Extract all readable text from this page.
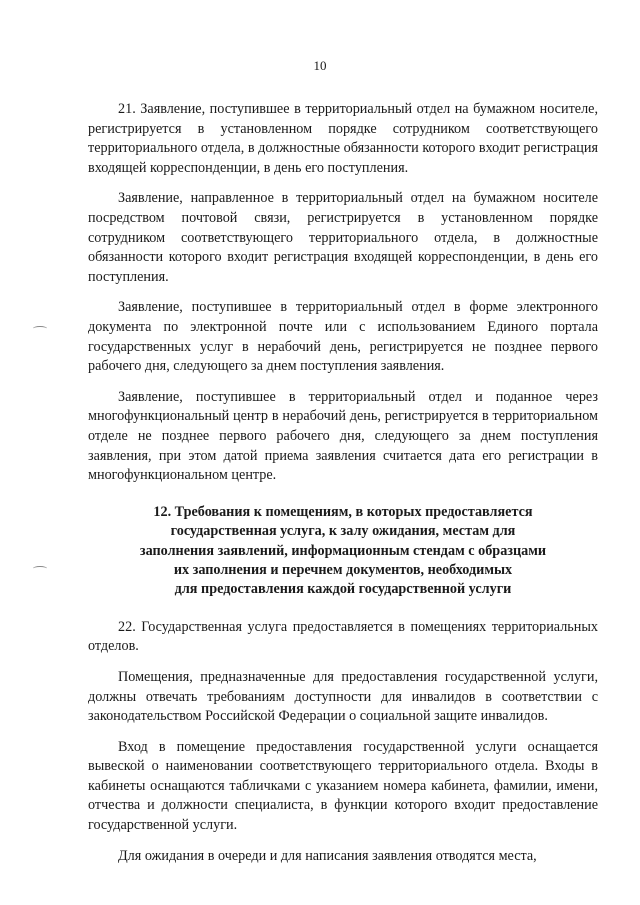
10

21. Заявление, поступившее в территориальный отдел на бумажном носителе, регистрируется в установленном порядке сотрудником соответствующего территориального отдела, в должностные обязанности которого входит регистрация входящей корреспонденции, в день его поступления.

Заявление, направленное в территориальный отдел на бумажном носителе посредством почтовой связи, регистрируется в установленном порядке сотрудником соответствующего территориального отдела, в должностные обязанности которого входит регистрация входящей корреспонденции, в день его поступления.

Заявление, поступившее в территориальный отдел в форме электронного документа по электронной почте или с использованием Единого портала государственных услуг в нерабочий день, регистрируется не позднее первого рабочего дня, следующего за днем поступления заявления.

Заявление, поступившее в территориальный отдел и поданное через многофункциональный центр в нерабочий день, регистрируется в территориальном отделе не позднее первого рабочего дня, следующего за днем поступления заявления, при этом датой приема заявления считается дата его регистрации в многофункциональном центре.

12. Требования к помещениям, в которых предоставляется
государственная услуга, к залу ожидания, местам для
заполнения заявлений, информационным стендам с образцами
их заполнения и перечнем документов, необходимых
для предоставления каждой государственной услуги

22. Государственная услуга предоставляется в помещениях территориальных отделов.

Помещения, предназначенные для предоставления государственной услуги, должны отвечать требованиям доступности для инвалидов в соответствии с законодательством Российской Федерации о социальной защите инвалидов.

Вход в помещение предоставления государственной услуги оснащается вывеской о наименовании соответствующего территориального отдела. Входы в кабинеты оснащаются табличками с указанием номера кабинета, фамилии, имени, отчества и должности специалиста, в функции которого входит предоставление государственной услуги.

Для ожидания в очереди и для написания заявления отводятся места,
